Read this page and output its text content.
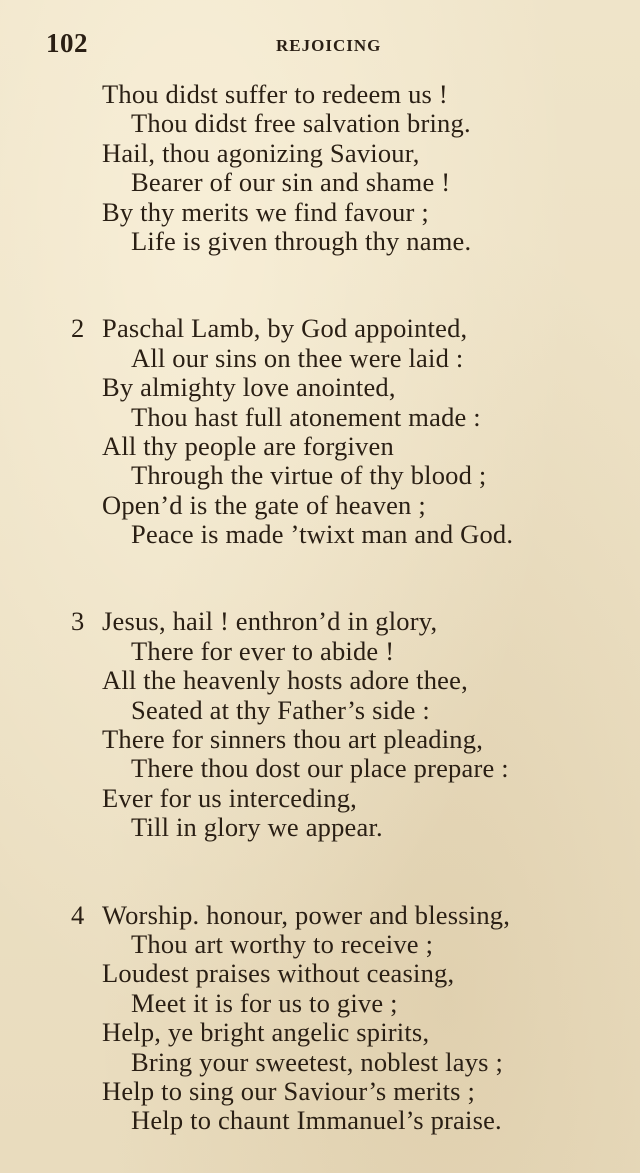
102	REJOICING
Thou didst suffer to redeem us !
Thou didst free salvation bring.
Hail, thou agonizing Saviour,
Bearer of our sin and shame !
By thy merits we find favour ;
Life is given through thy name.
2 Paschal Lamb, by God appointed,
All our sins on thee were laid :
By almighty love anointed,
Thou hast full atonement made :
All thy people are forgiven
Through the virtue of thy blood ;
Open’d is the gate of heaven ;
Peace is made ’twixt man and God.
3 Jesus, hail ! enthron’d in glory,
There for ever to abide !
All the heavenly hosts adore thee,
Seated at thy Father’s side :
There for sinners thou art pleading,
There thou dost our place prepare :
Ever for us interceding,
Till in glory we appear.
4 Worship. honour, power and blessing,
Thou art worthy to receive ;
Loudest praises without ceasing,
Meet it is for us to give ;
Help, ye bright angelic spirits,
Bring your sweetest, noblest lays ;
Help to sing our Saviour’s merits ;
Help to chaunt Immanuel’s praise.
